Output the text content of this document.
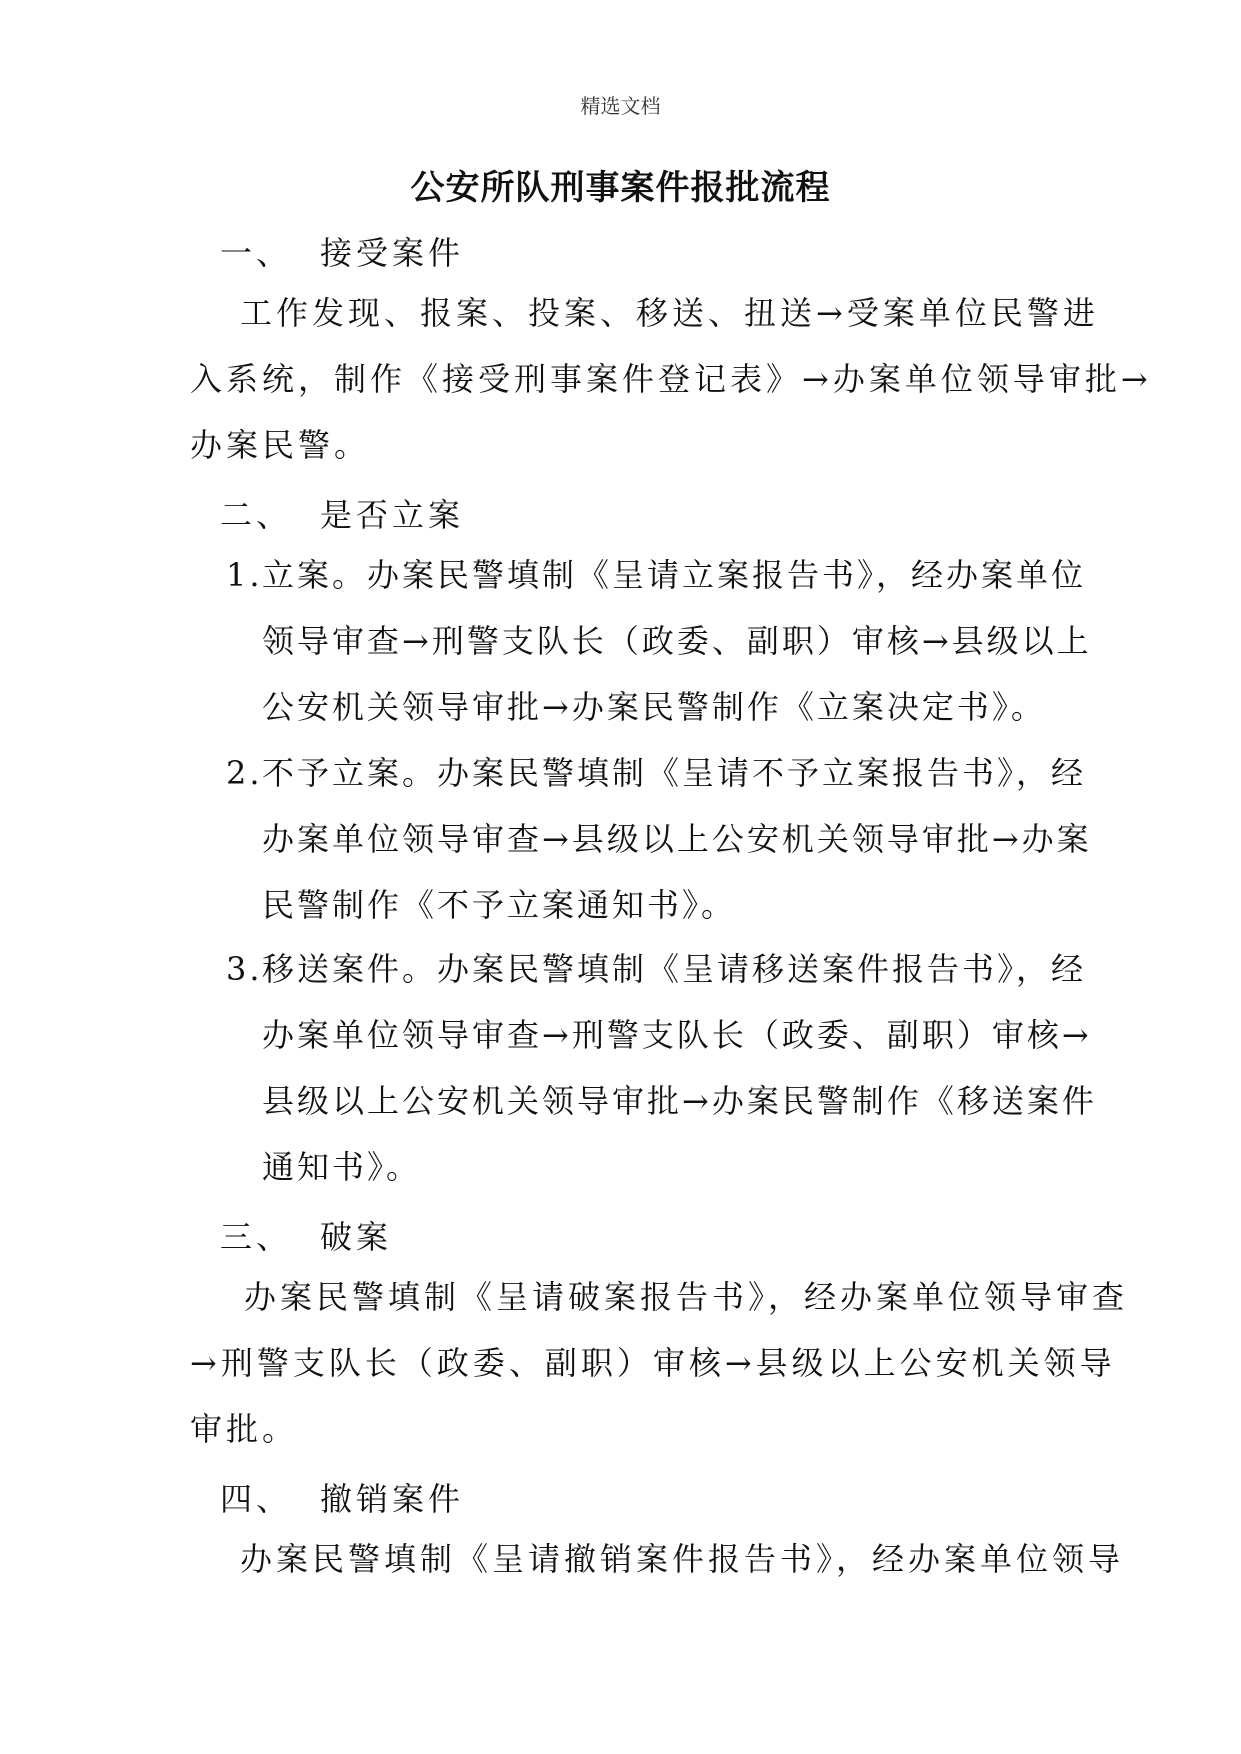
精选文档
公安所队刑事案件报批流程
一、 接受案件
工作发现、报案、投案、移送、扭送→受案单位民警进
入系统，制作《接受刑事案件登记表》→办案单位领导审批→
办案民警。
二、 是否立案
1. 立案。办案民警填制《呈请立案报告书》，经办案单位
领导审查→刑警支队长（政委、副职）审核→县级以上
公安机关领导审批→办案民警制作《立案决定书》。
2. 不予立案。办案民警填制《呈请不予立案报告书》，经
办案单位领导审查→县级以上公安机关领导审批→办案
民警制作《不予立案通知书》。
3. 移送案件。办案民警填制《呈请移送案件报告书》，经
办案单位领导审查→刑警支队长（政委、副职）审核→
县级以上公安机关领导审批→办案民警制作《移送案件
通知书》。
三、 破案
办案民警填制《呈请破案报告书》，经办案单位领导审查
→刑警支队长（政委、副职）审核→县级以上公安机关领导
审批。
四、 撤销案件
办案民警填制《呈请撤销案件报告书》，经办案单位领导
